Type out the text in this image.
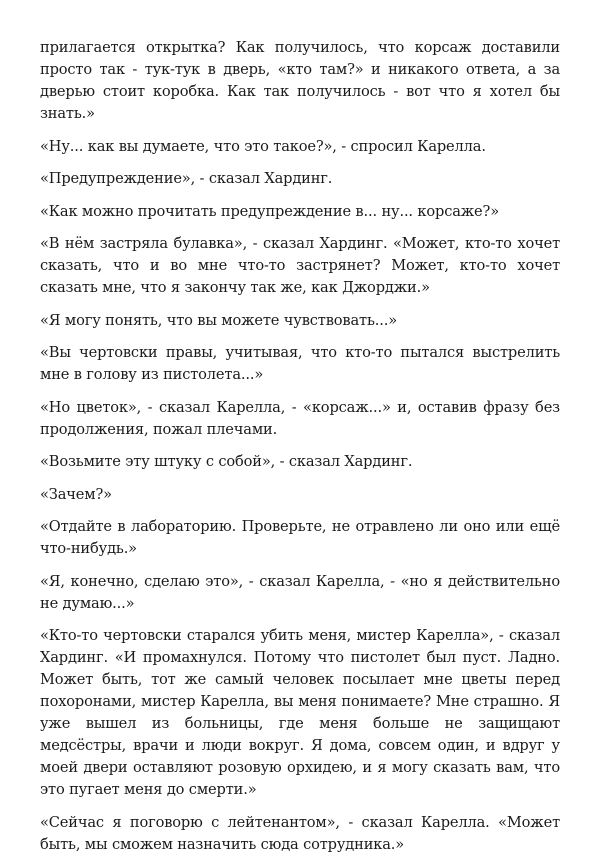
прилагается открытка? Как получилось, что корсаж доставили просто так - тук-тук в дверь, «кто там?» и никакого ответа, а за дверью стоит коробка. Как так получилось - вот что я хотел бы знать.»

«Ну... как вы думаете, что это такое?», - спросил Карелла.

«Предупреждение», - сказал Хардинг.

«Как можно прочитать предупреждение в... ну... корсаже?»

«В нём застряла булавка», - сказал Хардинг. «Может, кто-то хочет сказать, что и во мне что-то застрянет? Может, кто-то хочет сказать мне, что я закончу так же, как Джорджи.»

«Я могу понять, что вы можете чувствовать...»

«Вы чертовски правы, учитывая, что кто-то пытался выстрелить мне в голову из пистолета...»

«Но цветок», - сказал Карелла, - «корсаж...» и, оставив фразу без продолжения, пожал плечами.

«Возьмите эту штуку с собой», - сказал Хардинг.

«Зачем?»

«Отдайте в лабораторию. Проверьте, не отравлено ли оно или ещё что-нибудь.»

«Я, конечно, сделаю это», - сказал Карелла, - «но я действительно не думаю...»

«Кто-то чертовски старался убить меня, мистер Карелла», - сказал Хардинг. «И промахнулся. Потому что пистолет был пуст. Ладно. Может быть, тот же самый человек посылает мне цветы перед похоронами, мистер Карелла, вы меня понимаете? Мне страшно. Я уже вышел из больницы, где меня больше не защищают медсёстры, врачи и люди вокруг. Я дома, совсем один, и вдруг у моей двери оставляют розовую орхидею, и я могу сказать вам, что это пугает меня до смерти.»

«Сейчас я поговорю с лейтенантом», - сказал Карелла. «Может быть, мы сможем назначить сюда сотрудника.»
